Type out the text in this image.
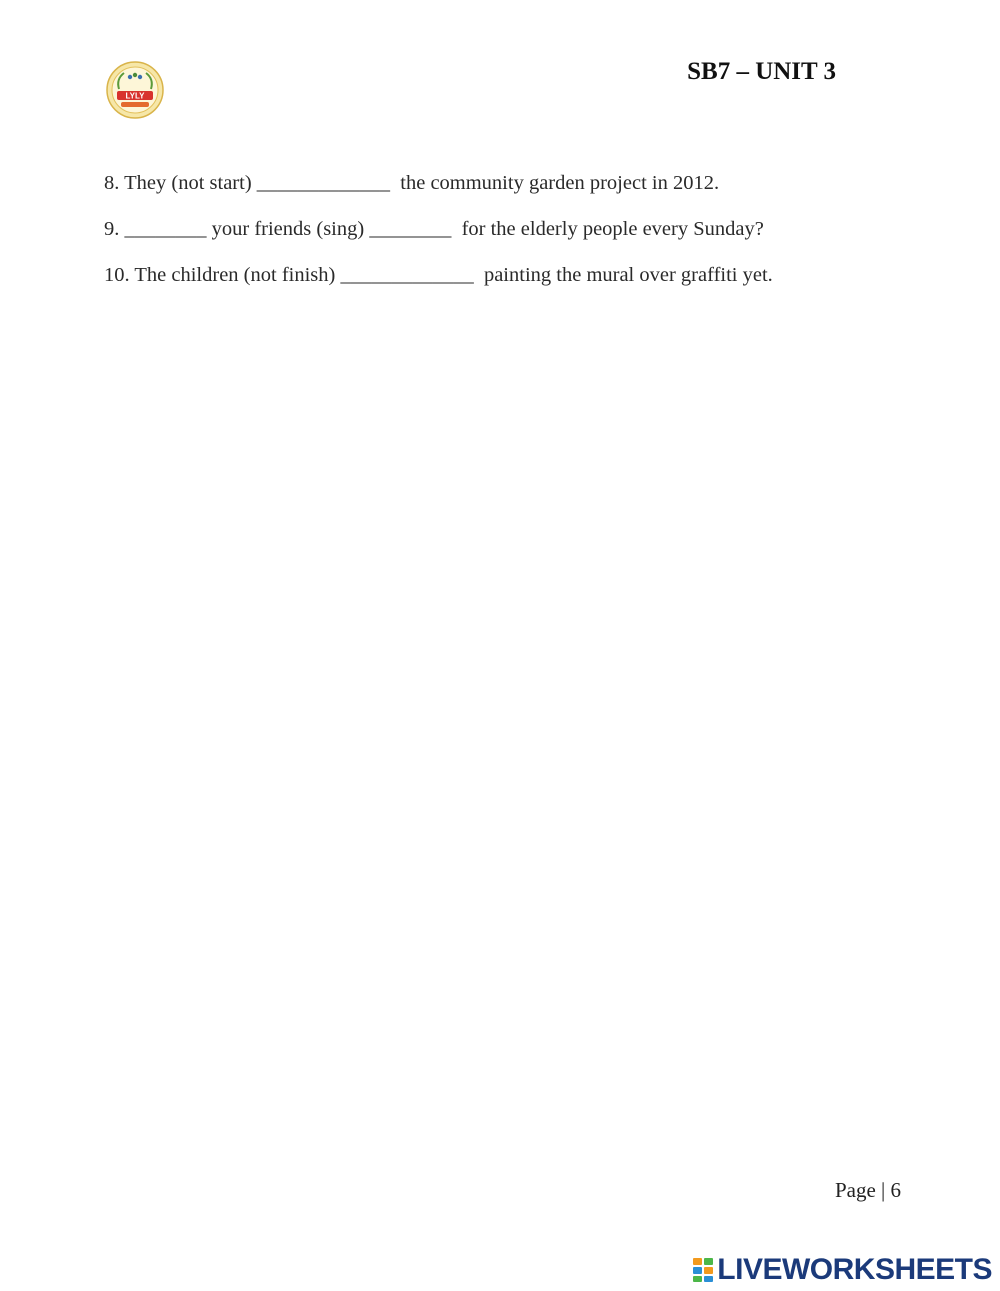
LYLY
SB7 – UNIT 3
8. They (not start) _____________  the community garden project in 2012.
9. ________ your friends (sing) ________  for the elderly people every Sunday?
10. The children (not finish) _____________  painting the mural over graffiti yet.
Page | 6
LIVEWORKSHEETS
